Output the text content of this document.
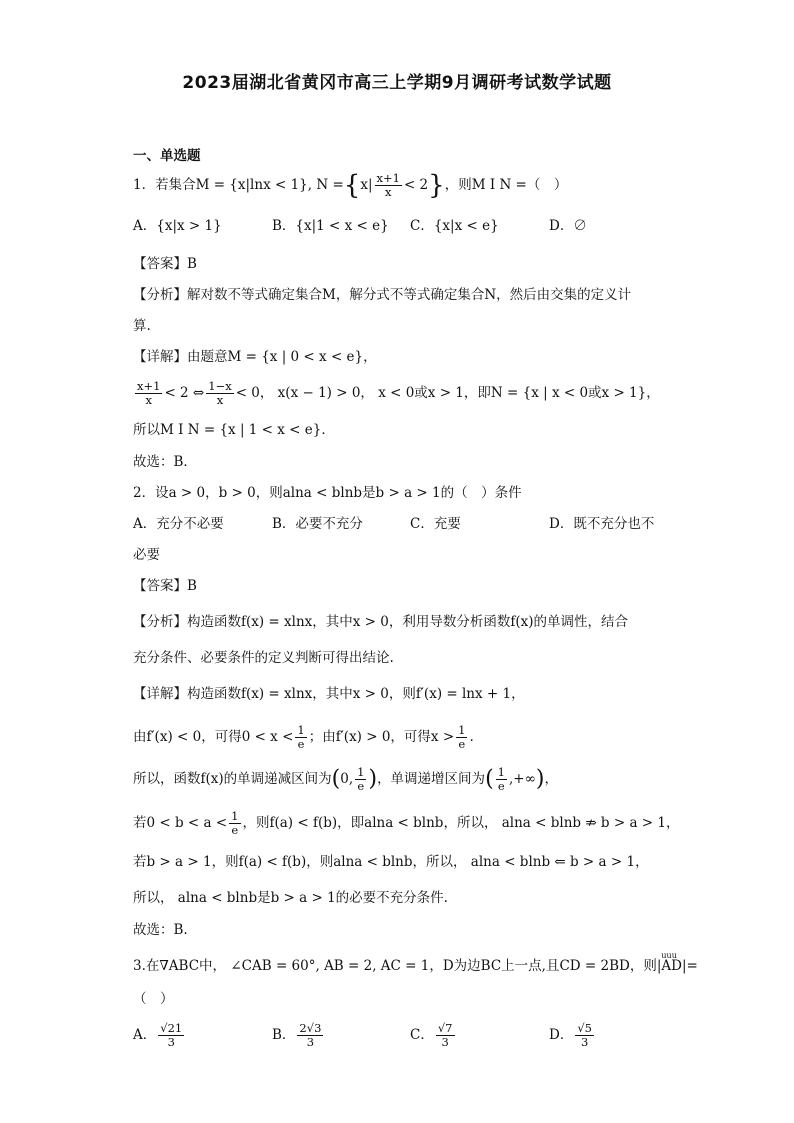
2023届湖北省黄冈市高三上学期9月调研考试数学试题
一、单选题
1．若集合M = {x|lnx < 1}, $N =\{x| \frac{x+1}{x} < 2\}$，则M I N =（　）
A．{x|x > 1}	B．{x|1 < x < e} C．{x|x < e}	D．∅
【答案】B
【分析】解对数不等式确定集合M，解分式不等式确定集合N，然后由交集的定义计
算.
【详解】由题意M = {x | 0 < x < e}，
$\frac{x+1}{x} < 2$ ⇔ $\frac{1-x}{x} < 0$， x(x − 1) > 0， x < 0或x > 1，即N = {x | x < 0或x > 1}，
所以M I N = {x | 1 < x < e}．
故选：B．
2．设a > 0，b > 0，则alna < blnb是b > a > 1的（　）条件
A．充分不必要	B．必要不充分	C．充要	D．既不充分也不
必要
【答案】B
【分析】构造函数f(x) = xlnx，其中x > 0，利用导数分析函数f(x)的单调性，结合
充分条件、必要条件的定义判断可得出结论.
【详解】构造函数f(x) = xlnx，其中x > 0，则f′(x) = lnx + 1，
由f′(x) < 0，可得$0 < x < \frac{1}{e}$ ；由f′(x) > 0，可得$x > \frac{1}{e}$ .
所以，函数f(x)的单调递减区间为(0, $\frac{1}{e}$ )，单调递增区间为( $\frac{1}{e}$ ,+∞)，
若$0 < b < a < \frac{1}{e}$ ，则f(a) < f(b)，即alna < blnb，所以， alna < blnb ⇏ b > a > 1，
若b > a > 1，则f(a) < f(b)，则alna < blnb，所以， alna < blnb ⇐ b > a > 1，
所以， alna < blnb是b > a > 1的必要不充分条件.
故选：B.
3.在∇ABC中， ∠CAB = 60°, AB = 2, AC = 1，D为边BC上一点,且CD = 2BD，则|
uuu
AD|=
（　）
A． $\frac{√21}{3}$	B． $\frac{2√3}{3}$	C． $\frac{√7}{3}$	D． $\frac{√5}{3}$
